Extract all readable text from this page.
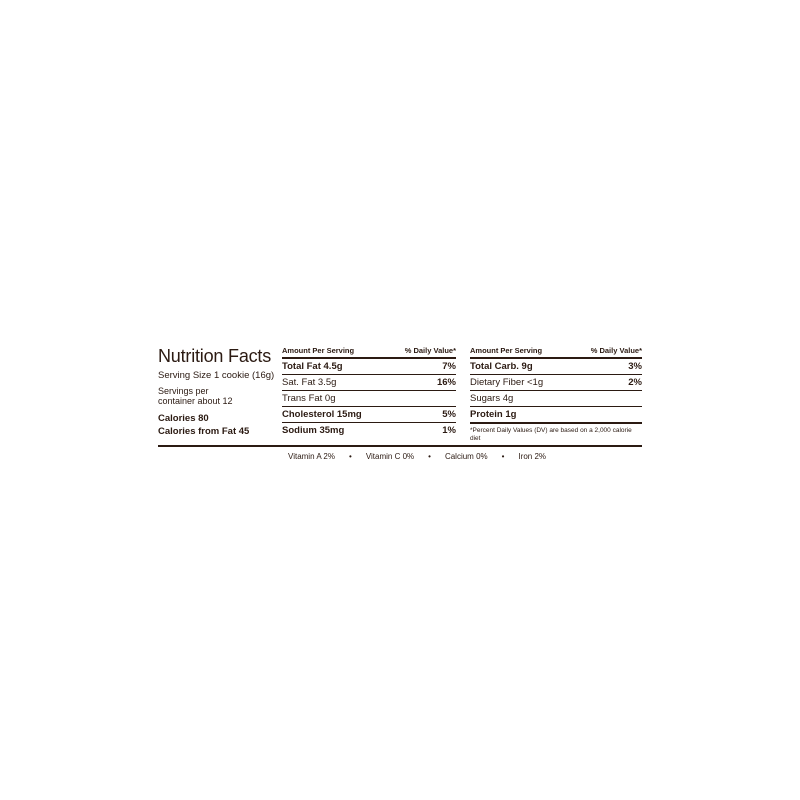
Nutrition Facts
Serving Size 1 cookie (16g)
Servings per
container about 12
Calories 80
Calories from Fat 45
Amount Per Serving	% Daily Value*
Total Fat 4.5g	7%
Sat. Fat 3.5g	16%
Trans Fat 0g
Cholesterol 15mg	5%
Sodium 35mg	1%
Amount Per Serving	% Daily Value*
Total Carb. 9g	3%
Dietary Fiber <1g	2%
Sugars 4g
Protein 1g
*Percent Daily Values (DV) are based on a 2,000 calorie diet
Vitamin A 2%	•	Vitamin C 0%	•	Calcium 0%	•	Iron 2%
